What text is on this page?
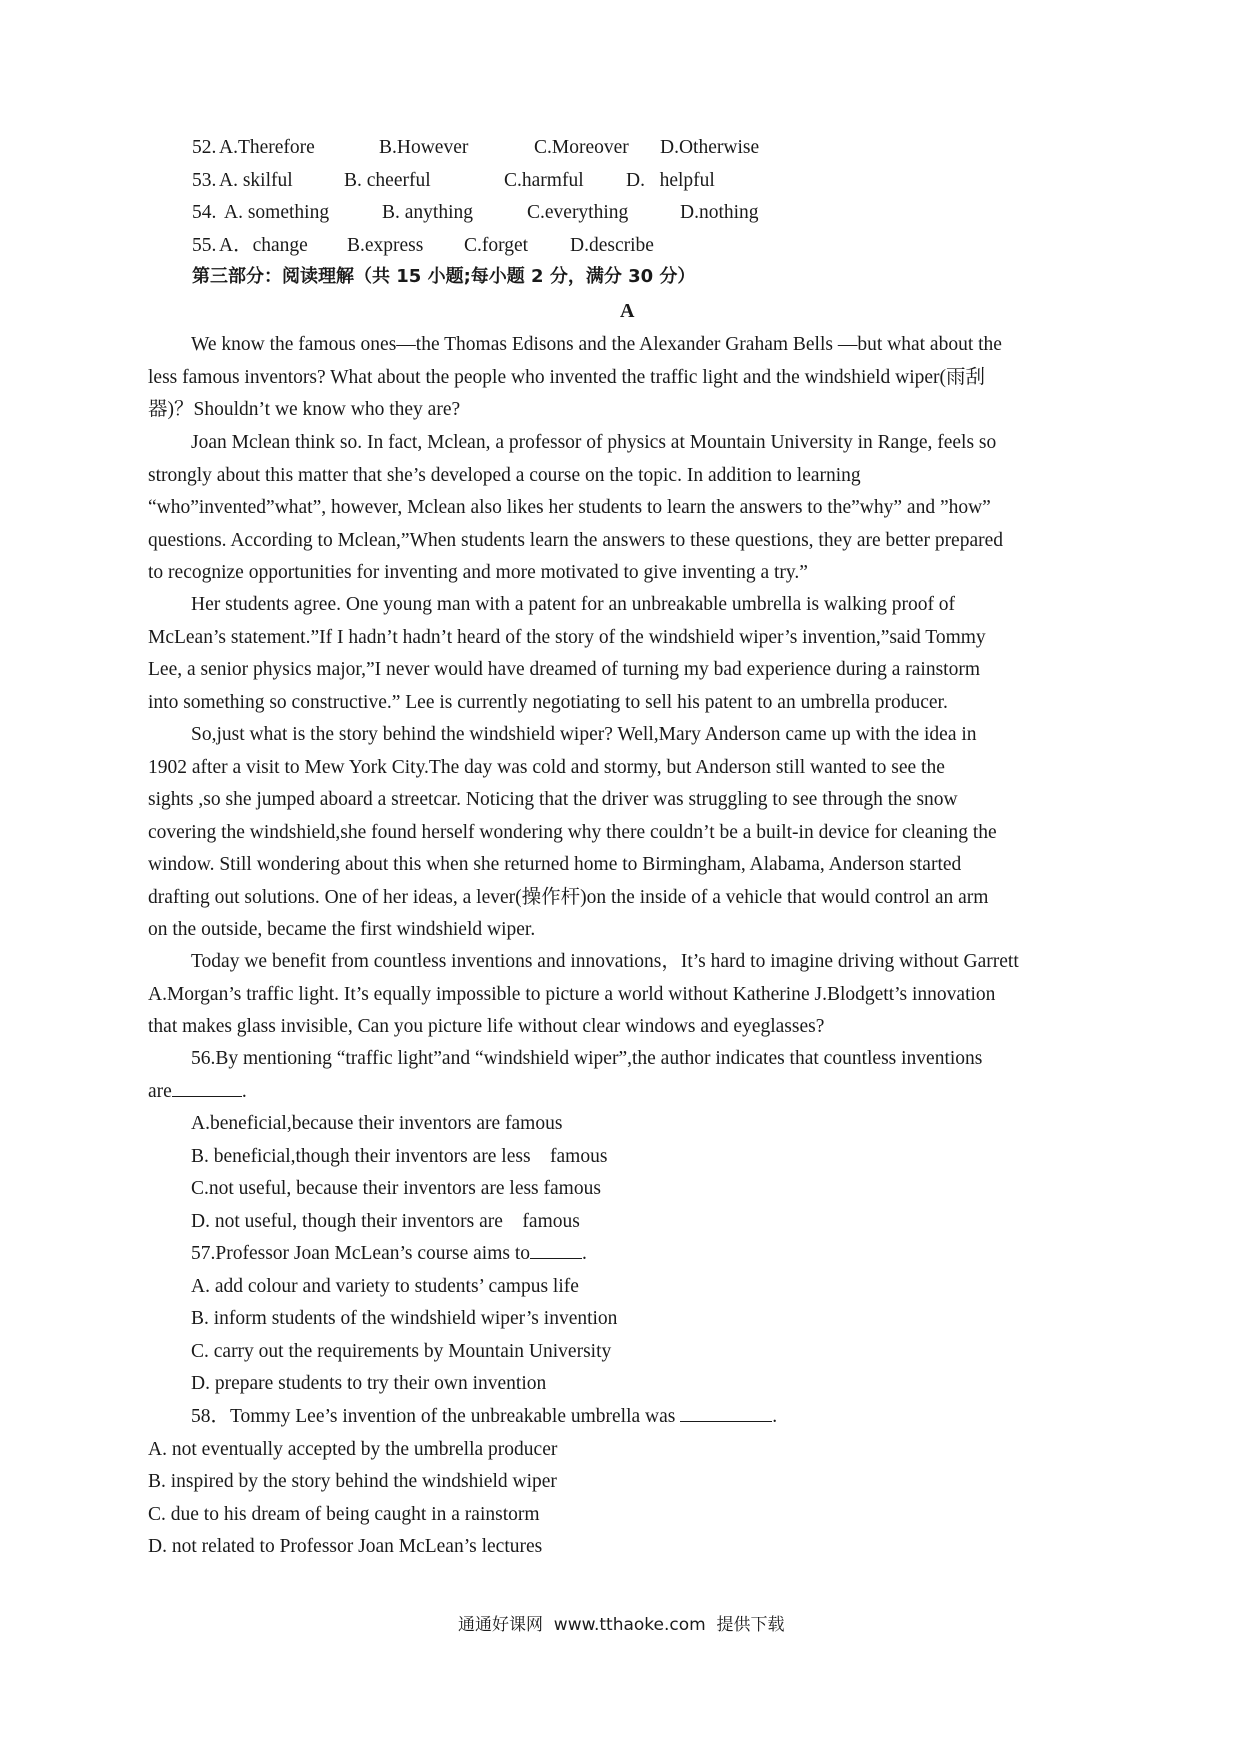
52. A.Therefore	B.However	C.Moreover D.Otherwise
53. A. skilful	B. cheerful	C.harmful D.   helpful
54. A. something	B. anything	C.everything	D.nothing
55. A．change B.express C.forget D.describe
第三部分：阅读理解（共 15 小题;每小题 2 分，满分 30 分）
A
We know the famous ones—the Thomas Edisons and the Alexander Graham Bells —but what about the
less famous inventors? What about the people who invented the traffic light and the windshield wiper(雨刮
器)？Shouldn’t we know who they are?
Joan Mclean think so. In fact, Mclean, a professor of physics at Mountain University in Range, feels so
strongly about this matter that she’s developed a course on the topic. In addition to learning
“who”invented”what”, however, Mclean also likes her students to learn the answers to the”why” and ”how”
questions. According to Mclean,”When students learn the answers to these questions, they are better prepared
to recognize opportunities for inventing and more motivated to give inventing a try.”
Her students agree. One young man with a patent for an unbreakable umbrella is walking proof of
McLean’s statement.”If I hadn’t hadn’t heard of the story of the windshield wiper’s invention,”said Tommy
Lee, a senior physics major,”I never would have dreamed of turning my bad experience during a rainstorm
into something so constructive.” Lee is currently negotiating to sell his patent to an umbrella producer.
So,just what is the story behind the windshield wiper? Well,Mary Anderson came up with the idea in
1902 after a visit to Mew York City.The day was cold and stormy, but Anderson still wanted to see the
sights ,so she jumped aboard a streetcar. Noticing that the driver was struggling to see through the snow
covering the windshield,she found herself wondering why there couldn’t be a built-in device for cleaning the
window. Still wondering about this when she returned home to Birmingham, Alabama, Anderson started
drafting out solutions. One of her ideas, a lever(操作杆)on the inside of a vehicle that would control an arm
on the outside, became the first windshield wiper.
Today we benefit from countless inventions and innovations，It’s hard to imagine driving without Garrett
A.Morgan’s traffic light. It’s equally impossible to picture a world without Katherine J.Blodgett’s innovation
that makes glass invisible, Can you picture life without clear windows and eyeglasses?
56.By mentioning “traffic light”and “windshield wiper”,the author indicates that countless inventions
are	.
A.beneficial,because their inventors are famous
B. beneficial,though their inventors are less    famous
C.not useful, because their inventors are less famous
D. not useful, though their inventors are    famous
57.Professor Joan McLean’s course aims to	.
A. add colour and variety to students’ campus life
B. inform students of the windshield wiper’s invention
C. carry out the requirements by Mountain University
D. prepare students to try their own invention
58．Tommy Lee’s invention of the unbreakable umbrella was	.
A. not eventually accepted by the umbrella producer
B. inspired by the story behind the windshield wiper
C. due to his dream of being caught in a rainstorm
D. not related to Professor Joan McLean’s lectures
通通好课网  www.tthaoke.com  提供下载
